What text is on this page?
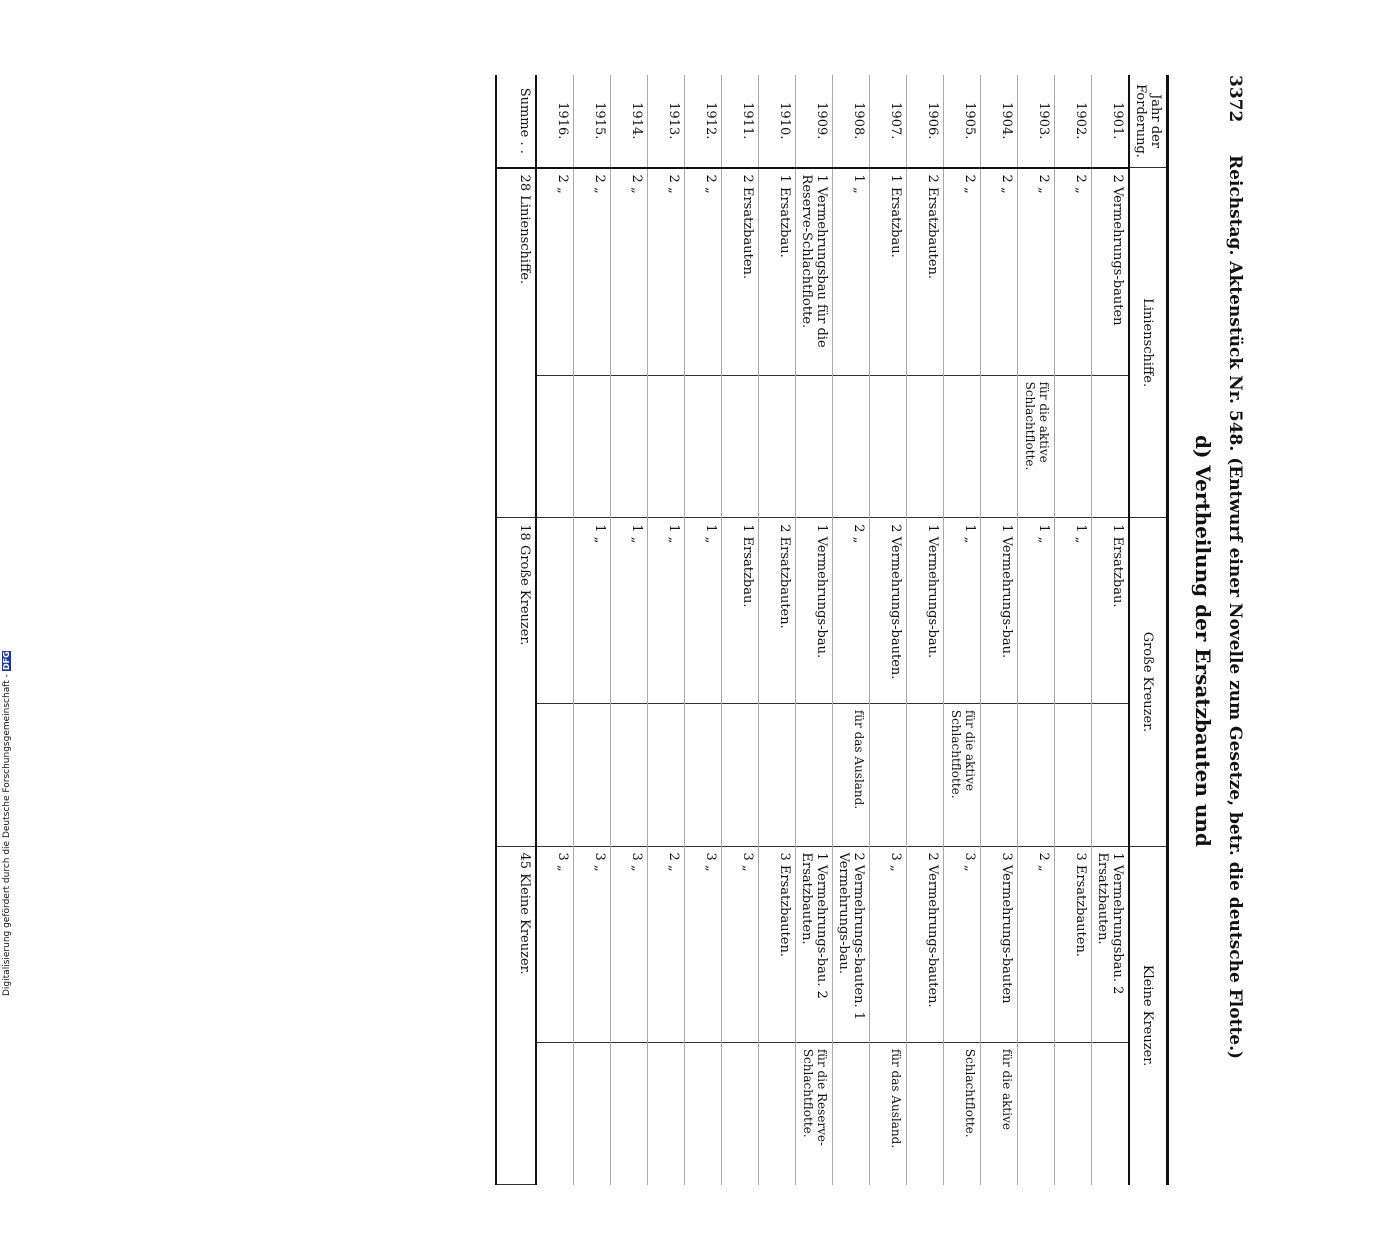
Digitalisierung gefördert durch die Deutsche Forschungsgemeinschaft - DFG
3372
Reichstag. Aktenstück Nr. 548. (Entwurf einer Novelle zum Gesetze, betr. die deutsche Flotte.)
d) Vertheilung der Ersatzbauten und
Jahr der Forderung.	Linienschiffe.		Große Kreuzer.		Kleine Kreuzer.	
1901.	2 Vermehrungs-bauten		1 Ersatzbau.		1 Vermehrungsbau. 2 Ersatzbauten.	
1902.	2 „		1 „		3 Ersatzbauten.	
1903.	2 „	für die aktive Schlachtflotte.	1 „		2 „	
1904.	2 „		1 Vermehrungs-bau.		3 Vermehrungs-bauten	für die aktive
1905.	2 „		1 „	für die aktive Schlachtflotte.	3 „	Schlachtflotte.
1906.	2 Ersatzbauten.		1 Vermehrungs-bau.		2 Vermehrungs-bauten.	
1907.	1 Ersatzbau.		2 Vermehrungs-bauten.		3 „	für das Ausland.
1908.	1 „		2 „	für das Ausland.	2 Vermehrungs-bauten. 1 Vermehrungs-bau.	
1909.	1 Vermehrungsbau für die Reserve-Schlachtflotte.		1 Vermehrungs-bau.		1 Vermehrungs-bau. 2 Ersatzbauten.	für die Reserve-Schlachtflotte.
1910.	1 Ersatzbau.		2 Ersatzbauten.		3 Ersatzbauten.	
1911.	2 Ersatzbauten.		1 Ersatzbau.		3 „	
1912.	2 „		1 „		3 „	
1913.	2 „		1 „		2 „	
1914.	2 „		1 „		3 „	
1915.	2 „		1 „		3 „	
1916.	2 „				3 „	
Summe . .	28 Linienschiffe.		18 Große Kreuzer.		45 Kleine Kreuzer.	
